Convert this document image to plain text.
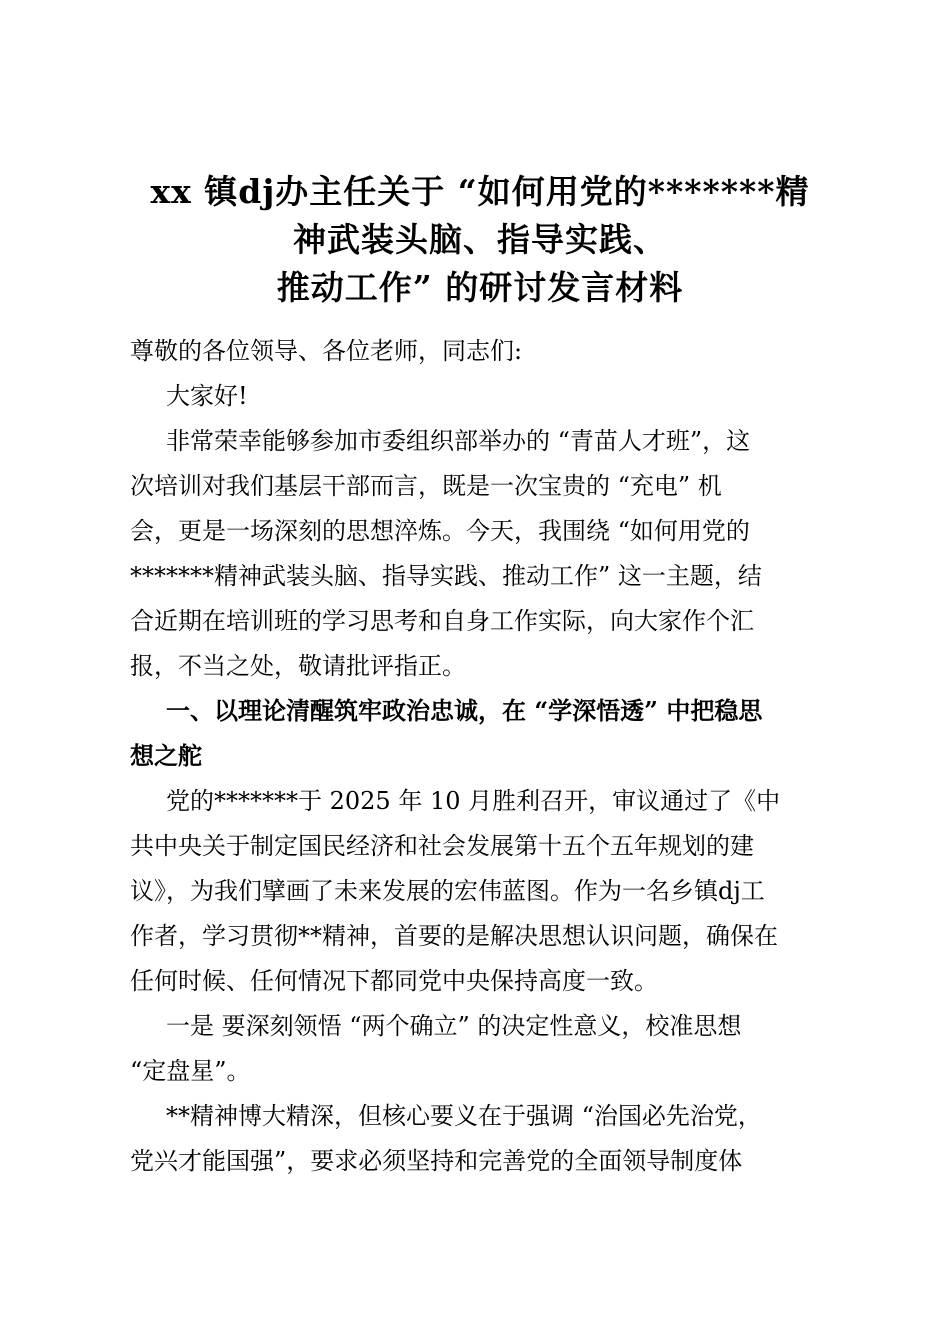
xx 镇dj办主任关于 “如何用党的*******精
神武装头脑、指导实践、
推动工作” 的研讨发言材料
尊敬的各位领导、各位老师，同志们:
大家好!
非常荣幸能够参加市委组织部举办的 “青苗人才班”，这
次培训对我们基层干部而言，既是一次宝贵的 “充电” 机
会，更是一场深刻的思想淬炼。今天，我围绕 “如何用党的
*******精神武装头脑、指导实践、推动工作” 这一主题，结
合近期在培训班的学习思考和自身工作实际，向大家作个汇
报，不当之处，敬请批评指正。
一、以理论清醒筑牢政治忠诚，在 “学深悟透” 中把稳思
想之舵
党的*******于 2025 年 10 月胜利召开，审议通过了《中
共中央关于制定国民经济和社会发展第十五个五年规划的建
议》，为我们擘画了未来发展的宏伟蓝图。作为一名乡镇dj工
作者，学习贯彻**精神，首要的是解决思想认识问题，确保在
任何时候、任何情况下都同党中央保持高度一致。
一是 要深刻领悟 “两个确立” 的决定性意义，校准思想
“定盘星”。
**精神博大精深，但核心要义在于强调 “治国必先治党，
党兴才能国强”，要求必须坚持和完善党的全面领导制度体
